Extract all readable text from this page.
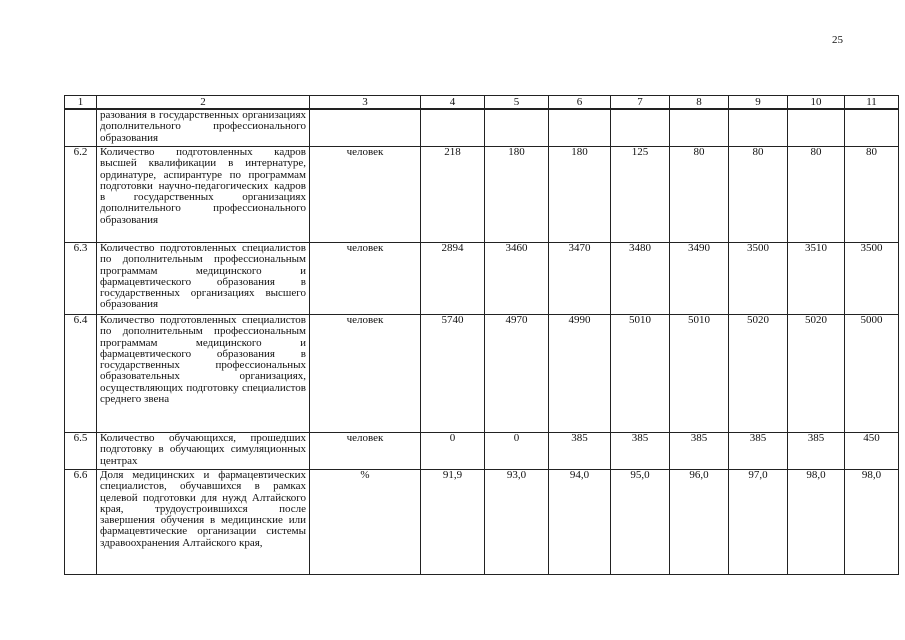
25
1	2	3	4	5	6	7	8	9	10	11
	разования в государственных организациях дополнительного профессионального образования									
6.2	Количество подготовленных кадров высшей квалификации в интернатуре, ординатуре, аспирантуре по программам подготовки научно-педагогических кадров в государственных организациях дополнительного профессионального образования	человек	218	180	180	125	80	80	80	80
6.3	Количество подготовленных специалистов по дополнительным профессиональным программам медицинского и фармацевтического образования в государственных организациях высшего образования	человек	2894	3460	3470	3480	3490	3500	3510	3500
6.4	Количество подготовленных специалистов по дополнительным профессиональным программам медицинского и фармацевтического образования в государственных профессиональных образовательных организациях, осуществляющих подготовку специалистов среднего звена	человек	5740	4970	4990	5010	5010	5020	5020	5000
6.5	Количество обучающихся, прошедших подготовку в обучающих симуляционных центрах	человек	0	0	385	385	385	385	385	450
6.6	Доля медицинских и фармацевтических специалистов, обучавшихся в рамках целевой подготовки для нужд Алтайского края, трудоустроившихся после завершения обучения в медицинские или фармацевтические организации системы здравоохранения Алтайского края,	%	91,9	93,0	94,0	95,0	96,0	97,0	98,0	98,0
